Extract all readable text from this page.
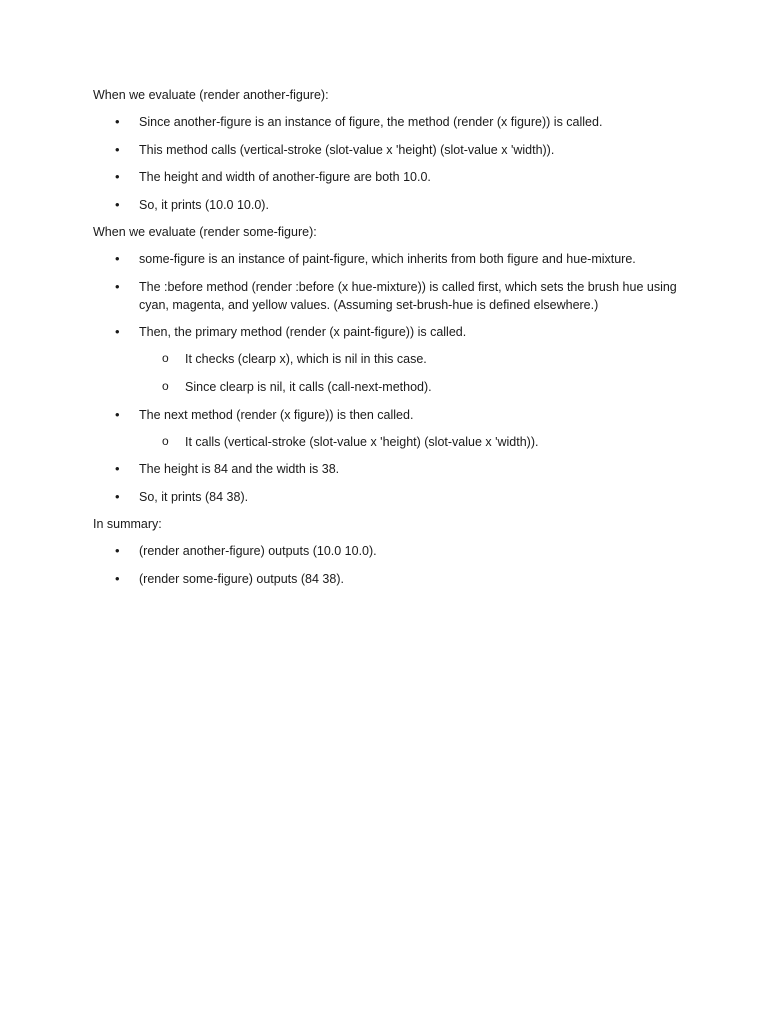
When we evaluate (render another-figure):

• Since another-figure is an instance of figure, the method (render (x figure)) is called.
• This method calls (vertical-stroke (slot-value x 'height) (slot-value x 'width)).
• The height and width of another-figure are both 10.0.
• So, it prints (10.0 10.0).

When we evaluate (render some-figure):

• some-figure is an instance of paint-figure, which inherits from both figure and hue-mixture.
• The :before method (render :before (x hue-mixture)) is called first, which sets the brush hue using cyan, magenta, and yellow values. (Assuming set-brush-hue is defined elsewhere.)
• Then, the primary method (render (x paint-figure)) is called.
o It checks (clearp x), which is nil in this case.
o Since clearp is nil, it calls (call-next-method).
• The next method (render (x figure)) is then called.
o It calls (vertical-stroke (slot-value x 'height) (slot-value x 'width)).
• The height is 84 and the width is 38.
• So, it prints (84 38).

In summary:

• (render another-figure) outputs (10.0 10.0).
• (render some-figure) outputs (84 38).
